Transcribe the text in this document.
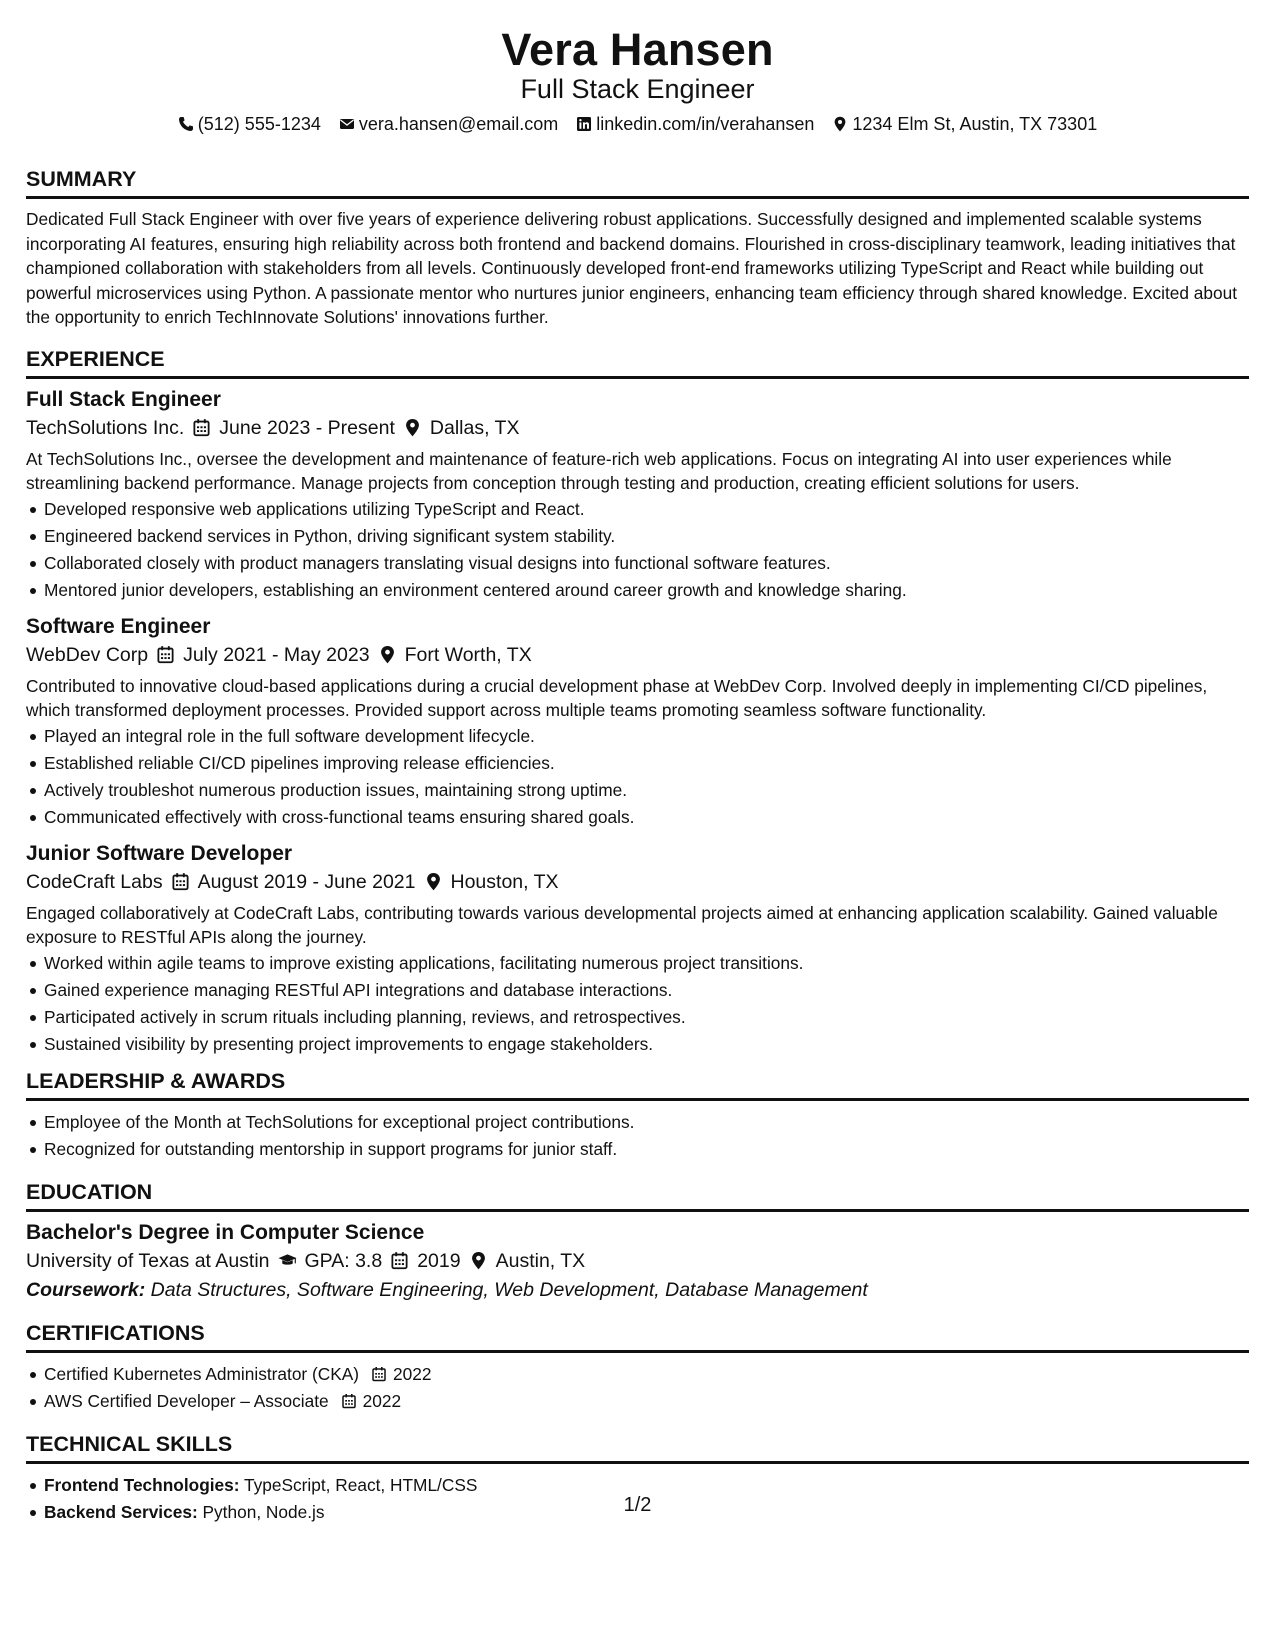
Vera Hansen
Full Stack Engineer
(512) 555-1234 vera.hansen@email.com linkedin.com/in/verahansen 1234 Elm St, Austin, TX 73301
SUMMARY

Dedicated Full Stack Engineer with over five years of experience delivering robust applications. Successfully designed and implemented scalable systems incorporating AI features, ensuring high reliability across both frontend and backend domains. Flourished in cross-disciplinary teamwork, leading initiatives that championed collaboration with stakeholders from all levels. Continuously developed front-end frameworks utilizing TypeScript and React while building out powerful microservices using Python. A passionate mentor who nurtures junior engineers, enhancing team efficiency through shared knowledge. Excited about the opportunity to enrich TechInnovate Solutions' innovations further.

EXPERIENCE
Full Stack Engineer
TechSolutions Inc. June 2023 - Present Dallas, TX

At TechSolutions Inc., oversee the development and maintenance of feature-rich web applications. Focus on integrating AI into user experiences while streamlining backend performance. Manage projects from conception through testing and production, creating efficient solutions for users.

Developed responsive web applications utilizing TypeScript and React.
Engineered backend services in Python, driving significant system stability.
Collaborated closely with product managers translating visual designs into functional software features.
Mentored junior developers, establishing an environment centered around career growth and knowledge sharing.
Software Engineer
WebDev Corp July 2021 - May 2023 Fort Worth, TX

Contributed to innovative cloud-based applications during a crucial development phase at WebDev Corp. Involved deeply in implementing CI/CD pipelines, which transformed deployment processes. Provided support across multiple teams promoting seamless software functionality.

Played an integral role in the full software development lifecycle.
Established reliable CI/CD pipelines improving release efficiencies.
Actively troubleshot numerous production issues, maintaining strong uptime.
Communicated effectively with cross-functional teams ensuring shared goals.
Junior Software Developer
CodeCraft Labs August 2019 - June 2021 Houston, TX

Engaged collaboratively at CodeCraft Labs, contributing towards various developmental projects aimed at enhancing application scalability. Gained valuable exposure to RESTful APIs along the journey.

Worked within agile teams to improve existing applications, facilitating numerous project transitions.
Gained experience managing RESTful API integrations and database interactions.
Participated actively in scrum rituals including planning, reviews, and retrospectives.
Sustained visibility by presenting project improvements to engage stakeholders.
LEADERSHIP & AWARDS
Employee of the Month at TechSolutions for exceptional project contributions.
Recognized for outstanding mentorship in support programs for junior staff.
EDUCATION
Bachelor's Degree in Computer Science
University of Texas at Austin GPA: 3.8 2019 Austin, TX
Coursework: Data Structures, Software Engineering, Web Development, Database Management
CERTIFICATIONS
Certified Kubernetes Administrator (CKA) 2022
AWS Certified Developer – Associate 2022
TECHNICAL SKILLS
Frontend Technologies: TypeScript, React, HTML/CSS
Backend Services: Python, Node.js	1/2
